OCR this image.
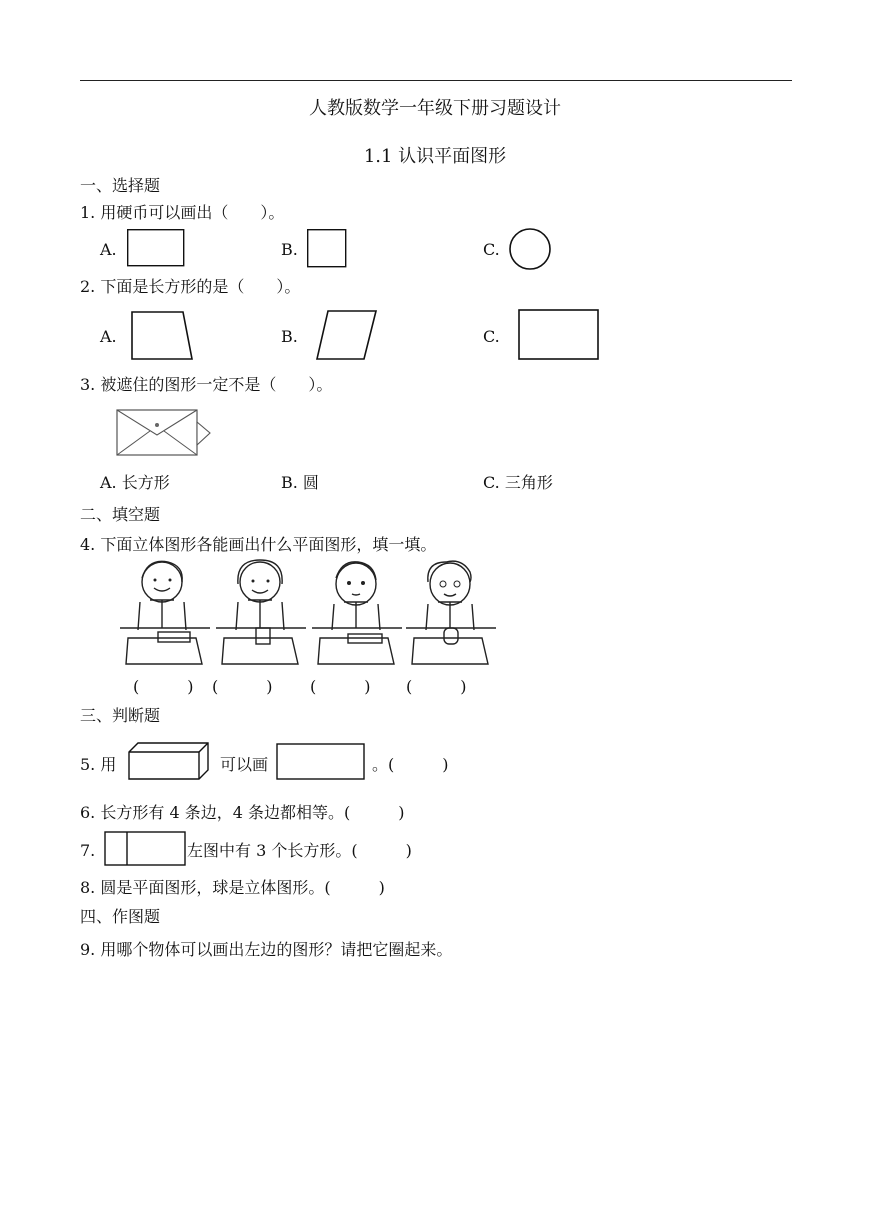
人教版数学一年级下册习题设计
1.1 认识平面图形
一、选择题
1. 用硬币可以画出（　　）。
A.	B.	C.
2. 下面是长方形的是（　　）。
A.	B.	C.
3. 被遮住的图形一定不是（　　）。
A. 长方形	B. 圆	C. 三角形
二、填空题
4. 下面立体图形各能画出什么平面图形，填一填。
(　　　) (　　　) (　　　) (　　　)
三、判断题
5. 用	可以画	。(　　　)
6. 长方形有 4 条边，4 条边都相等。(　　　)
7.	左图中有 3 个长方形。(　　　)
8. 圆是平面图形，球是立体图形。(　　　)
四、作图题
9. 用哪个物体可以画出左边的图形？请把它圈起来。
